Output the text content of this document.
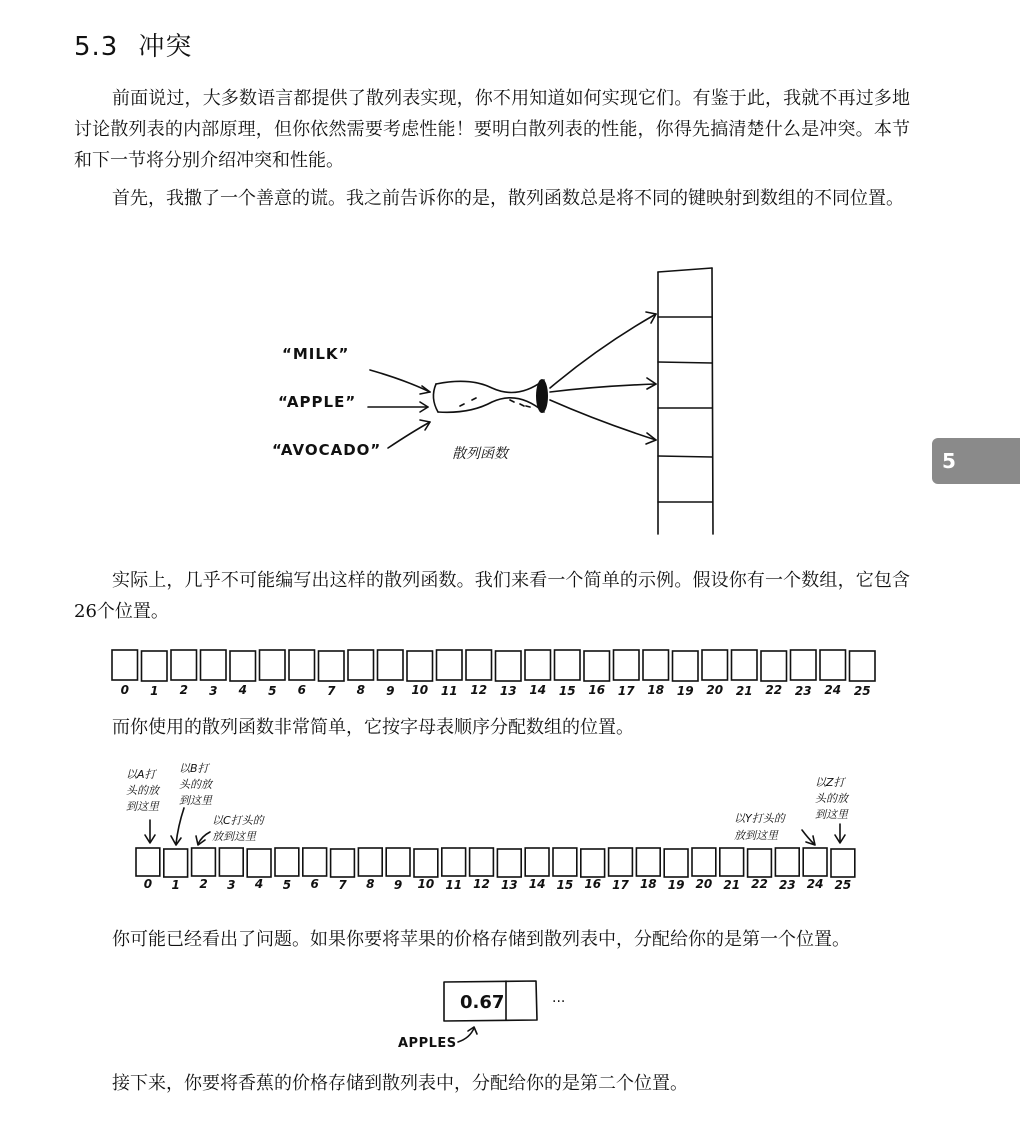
5.3 冲突

前面说过，大多数语言都提供了散列表实现，你不用知道如何实现它们。有鉴于此，我就不再过多地讨论散列表的内部原理，但你依然需要考虑性能！要明白散列表的性能，你得先搞清楚什么是冲突。本节和下一节将分别介绍冲突和性能。

首先，我撒了一个善意的谎。我之前告诉你的是，散列函数总是将不同的键映射到数组的不同位置。

5
“MILK”
“APPLE”
“AVOCADO”	散列函数

实际上，几乎不可能编写出这样的散列函数。我们来看一个简单的示例。假设你有一个数组，它包含26个位置。

0 1 2 3 4 5 6 7 8 9 10 11 12 13 14 15 16 17 18 19 20 21 22 23 24 25

而你使用的散列函数非常简单，它按字母表顺序分配数组的位置。

以A打
头的放
到这里
以B打
头的放
到这里
以C打头的
放到这里
以Y打头的
放到这里
以Z打
头的放
到这里
0 1 2 3 4 5 6 7 8 9 10 11 12 13 14 15 16 17 18 19 20 21 22 23 24 25

你可能已经看出了问题。如果你要将苹果的价格存储到散列表中，分配给你的是第一个位置。

0.67	...
APPLES

接下来，你要将香蕉的价格存储到散列表中，分配给你的是第二个位置。
